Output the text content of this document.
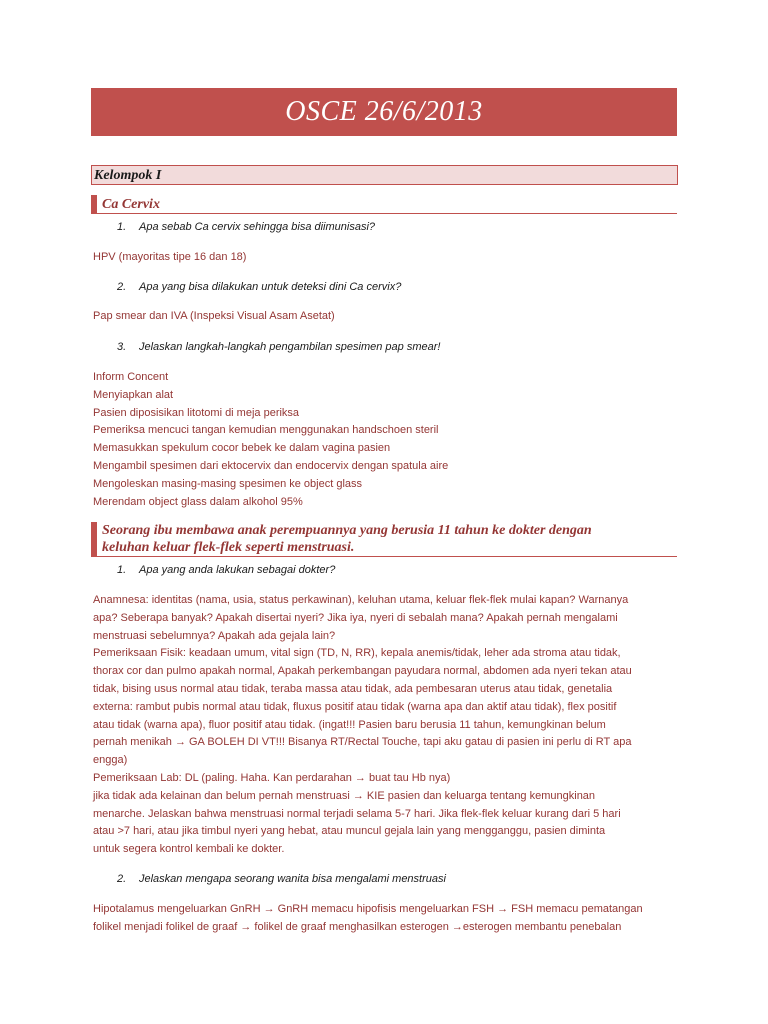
OSCE 26/6/2013
Kelompok I
Ca Cervix
1. Apa sebab Ca cervix sehingga bisa diimunisasi?
HPV (mayoritas tipe 16 dan 18)
2. Apa yang bisa dilakukan untuk deteksi dini Ca cervix?
Pap smear dan IVA (Inspeksi Visual Asam Asetat)
3. Jelaskan langkah-langkah pengambilan spesimen pap smear!
Inform Concent
Menyiapkan alat
Pasien diposisikan litotomi di meja periksa
Pemeriksa mencuci tangan kemudian menggunakan handschoen steril
Memasukkan spekulum cocor bebek ke dalam vagina pasien
Mengambil spesimen dari ektocervix dan endocervix dengan spatula aire
Mengoleskan masing-masing spesimen ke object glass
Merendam object glass dalam alkohol 95%
Seorang ibu membawa anak perempuannya yang berusia 11 tahun ke dokter dengan
keluhan keluar flek-flek seperti menstruasi.
1. Apa yang anda lakukan sebagai dokter?
Anamnesa: identitas (nama, usia, status perkawinan), keluhan utama, keluar flek-flek mulai kapan? Warnanya
apa? Seberapa banyak? Apakah disertai nyeri? Jika iya, nyeri di sebalah mana? Apakah pernah mengalami
menstruasi sebelumnya? Apakah ada gejala lain?
Pemeriksaan Fisik: keadaan umum, vital sign (TD, N, RR), kepala anemis/tidak, leher ada stroma atau tidak,
thorax cor dan pulmo apakah normal, Apakah perkembangan payudara normal, abdomen ada nyeri tekan atau
tidak, bising usus normal atau tidak, teraba massa atau tidak, ada pembesaran uterus atau tidak, genetalia
externa: rambut pubis normal atau tidak, fluxus positif atau tidak (warna apa dan aktif atau tidak), flex positif
atau tidak (warna apa), fluor positif atau tidak. (ingat!!! Pasien baru berusia 11 tahun, kemungkinan belum
pernah menikah → GA BOLEH DI VT!!! Bisanya RT/Rectal Touche, tapi aku gatau di pasien ini perlu di RT apa
engga)
Pemeriksaan Lab: DL (paling. Haha. Kan perdarahan → buat tau Hb nya)
jika tidak ada kelainan dan belum pernah menstruasi → KIE pasien dan keluarga tentang kemungkinan
menarche. Jelaskan bahwa menstruasi normal terjadi selama 5-7 hari. Jika flek-flek keluar kurang dari 5 hari
atau >7 hari, atau jika timbul nyeri yang hebat, atau muncul gejala lain yang mengganggu, pasien diminta
untuk segera kontrol kembali ke dokter.
2. Jelaskan mengapa seorang wanita bisa mengalami menstruasi
Hipotalamus mengeluarkan GnRH → GnRH memacu hipofisis mengeluarkan FSH → FSH memacu pematangan
folikel menjadi folikel de graaf → folikel de graaf menghasilkan esterogen →esterogen membantu penebalan
